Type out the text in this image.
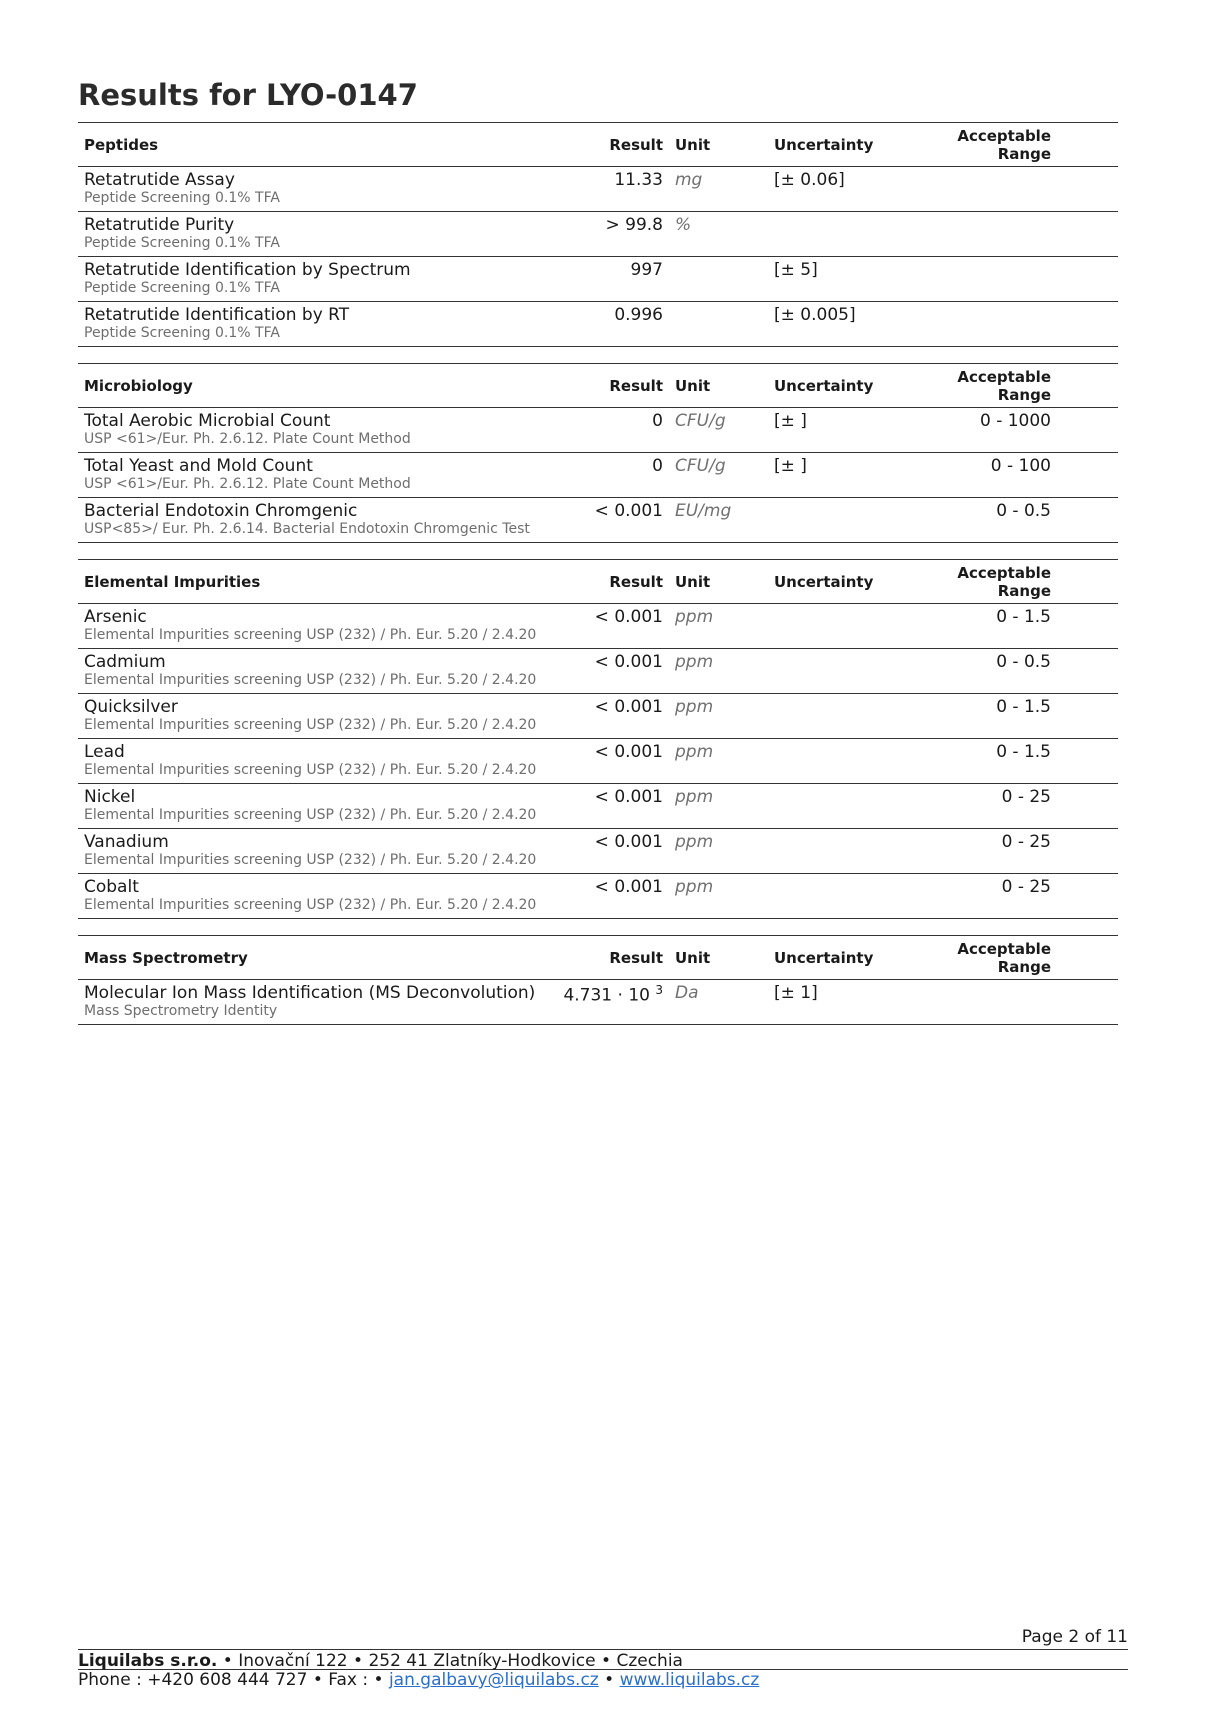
Results for LYO-0147
Peptides		Result	Unit	Uncertainty	Acceptable Range	

Retatrutide Assay
Peptide Screening 0.1% TFA		11.33	mg	[± 0.06]		

Retatrutide Purity
Peptide Screening 0.1% TFA		> 99.8	%			

Retatrutide Identification by Spectrum
Peptide Screening 0.1% TFA		997		[± 5]		

Retatrutide Identification by RT
Peptide Screening 0.1% TFA		0.996		[± 0.005]		
Microbiology		Result	Unit	Uncertainty	Acceptable Range	

Total Aerobic Microbial Count
USP <61>/Eur. Ph. 2.6.12. Plate Count Method		0	CFU/g	[± ]	0 - 1000	

Total Yeast and Mold Count
USP <61>/Eur. Ph. 2.6.12. Plate Count Method		0	CFU/g	[± ]	0 - 100	

Bacterial Endotoxin Chromgenic
USP<85>/ Eur. Ph. 2.6.14. Bacterial Endotoxin Chromgenic Test		< 0.001	EU/mg		0 - 0.5	
Elemental Impurities		Result	Unit	Uncertainty	Acceptable Range	

Arsenic
Elemental Impurities screening USP (232) / Ph. Eur. 5.20 / 2.4.20		< 0.001	ppm		0 - 1.5	

Cadmium
Elemental Impurities screening USP (232) / Ph. Eur. 5.20 / 2.4.20		< 0.001	ppm		0 - 0.5	

Quicksilver
Elemental Impurities screening USP (232) / Ph. Eur. 5.20 / 2.4.20		< 0.001	ppm		0 - 1.5	

Lead
Elemental Impurities screening USP (232) / Ph. Eur. 5.20 / 2.4.20		< 0.001	ppm		0 - 1.5	

Nickel
Elemental Impurities screening USP (232) / Ph. Eur. 5.20 / 2.4.20		< 0.001	ppm		0 - 25	

Vanadium
Elemental Impurities screening USP (232) / Ph. Eur. 5.20 / 2.4.20		< 0.001	ppm		0 - 25	

Cobalt
Elemental Impurities screening USP (232) / Ph. Eur. 5.20 / 2.4.20		< 0.001	ppm		0 - 25	
Mass Spectrometry		Result	Unit	Uncertainty	Acceptable Range	

Molecular Ion Mass Identification (MS Deconvolution)
Mass Spectrometry Identity		4.731 · 10 $^3$	Da	[± 1]		
Page 2 of 11
Liquilabs s.r.o. • Inovační 122 • 252 41 Zlatníky-Hodkovice • Czechia
Phone : +420 608 444 727 • Fax : • jan.galbavy@liquilabs.cz • www.liquilabs.cz
